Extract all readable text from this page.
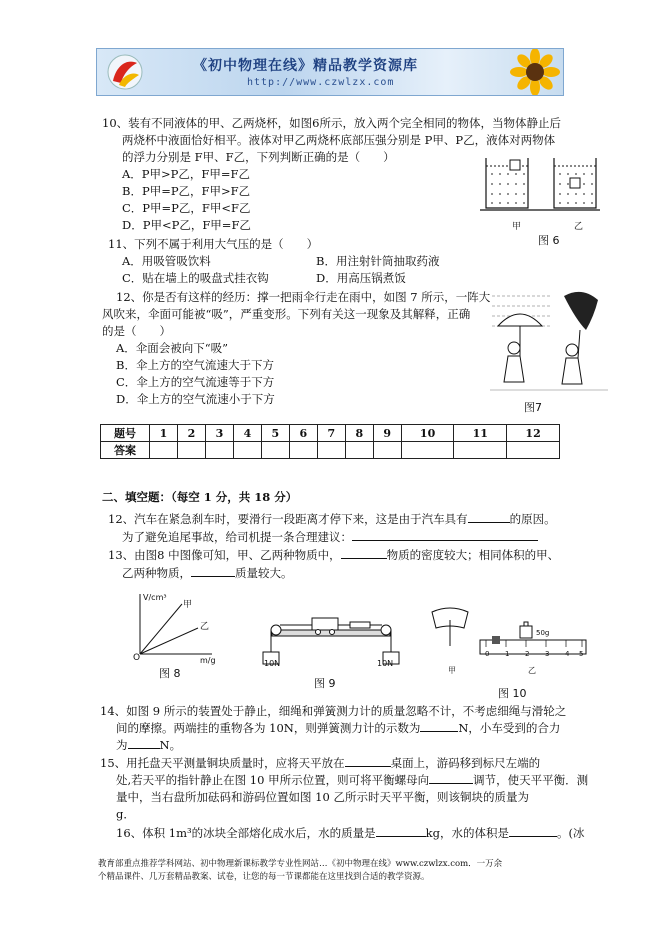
《初中物理在线》精品教学资源库
http://www.czwlzx.com
10、装有不同液体的甲、乙两烧杯，如图6所示，放入两个完全相同的物体，当物体静止后
两烧杯中液面恰好相平。液体对甲乙两烧杯底部压强分别是 P甲、P乙，液体对两物体
的浮力分别是 F甲、F乙，下列判断正确的是（　　）
A．P甲>P乙，F甲=F乙
B．P甲=P乙，F甲>F乙
C．P甲=P乙，F甲<F乙
D．P甲<P乙，F甲=F乙	甲	乙
图 6
11、下列不属于利用大气压的是（　　）
A．用吸管吸饮料	B．用注射针筒抽取药液
C．贴在墙上的吸盘式挂衣钩	D．用高压锅煮饭
12、你是否有这样的经历：撑一把雨伞行走在雨中，如图 7 所示，一阵大
风吹来，伞面可能被“吸”，严重变形。下列有关这一现象及其解释，正确
的是（　　）
A．伞面会被向下“吸”
B．伞上方的空气流速大于下方
C．伞上方的空气流速等于下方
D．伞上方的空气流速小于下方
图7
题号	1	2	3	4	5	6	7	8	9	10	11	12
答案												
二、填空题：（每空 1 分，共 18 分）
12、汽车在紧急刹车时，要滑行一段距离才停下来，这是由于汽车具有	的原因。
为了避免追尾事故，给司机提一条合理建议：
13、由图8 中图像可知，甲、乙两种物质中，	物质的密度较大；相同体积的甲、
乙两种物质，	质量较大。
V/cm³
m/g
O
甲
乙
图 8
10N	10N
图 9
50g
0 1 2 3 4 5
甲	乙
图 10
14、如图 9 所示的装置处于静止，细绳和弹簧测力计的质量忽略不计，不考虑细绳与滑轮之
间的摩擦。两端挂的重物各为 10N，则弹簧测力计的示数为	N，小车受到的合力
为	N。
15、用托盘天平测量铜块质量时，应将天平放在	桌面上，游码移到标尺左端的
处,若天平的指针静止在图 10 甲所示位置，则可将平衡螺母向	调节，使天平平衡．测
量中，当右盘所加砝码和游码位置如图 10 乙所示时天平平衡，则该铜块的质量为
g．
16、体积 1m³的冰块全部熔化成水后，水的质量是	kg，水的体积是	。(冰
教育部重点推荐学科网站、初中物理新课标教学专业性网站…《初中物理在线》www.czwlzx.com．一万余
个精品课件、几万套精品教案、试卷，让您的每一节课都能在这里找到合适的教学资源。
